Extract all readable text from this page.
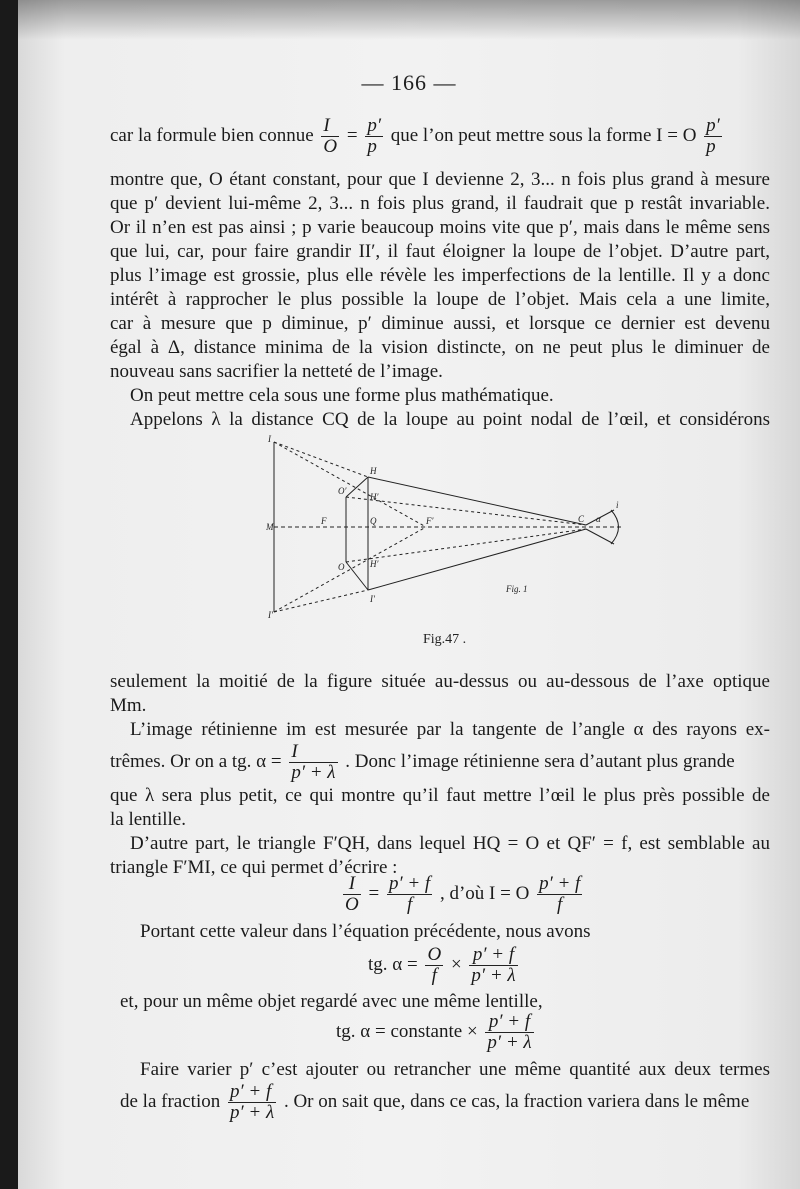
— 166 —
car la formule bien connue $\frac{I}{O} = \frac{p'}{p}$ que l’on peut mettre sous la forme I = O $\frac{p'}{p}$
montre que, O étant constant, pour que I devienne 2, 3... n fois plus grand à mesure
que p′ devient lui-même 2, 3... n fois plus grand, il faudrait que p restât invariable.
Or il n’en est pas ainsi ; p varie beaucoup moins vite que p′, mais dans le même sens
que lui, car, pour faire grandir II′, il faut éloigner la loupe de l’objet. D’autre part,
plus l’image est grossie, plus elle révèle les imperfections de la lentille. Il y a donc
intérêt à rapprocher le plus possible la loupe de l’objet. Mais cela a une limite,
car à mesure que p diminue, p′ diminue aussi, et lorsque ce dernier est devenu
égal à Δ, distance minima de la vision distincte, on ne peut plus le diminuer de
nouveau sans sacrifier la netteté de l’image.
On peut mettre cela sous une forme plus mathématique.
Appelons λ la distance CQ de la loupe au point nodal de l’œil, et considérons
I
M
F
H
Q
H′
H′
I′
F′
O′
O
I′
C α
i
Fig. 1
Fig.47 .
seulement la moitié de la figure située au-dessus ou au-dessous de l’axe optique
Mm.
L’image rétinienne im est mesurée par la tangente de l’angle α des rayons ex-
trêmes. Or on a tg. $\alpha = \frac{I}{p' + \lambda}$ . Donc l’image rétinienne sera d’autant plus grande
que λ sera plus petit, ce qui montre qu’il faut mettre l’œil le plus près possible de
la lentille.
D’autre part, le triangle F′QH, dans lequel HQ = O et QF′ = f, est semblable au
triangle F′MI, ce qui permet d’écrire :
$\frac{I}{O} = \frac{p' + f}{f}$ , d’où I = O $\frac{p' + f}{f}$
Portant cette valeur dans l’équation précédente, nous avons
tg. $\alpha = \frac{O}{f} \times \frac{p' + f}{p' + \lambda}$
et, pour un même objet regardé avec une même lentille,
tg. α = constante × $\frac{p' + f}{p' + \lambda}$
Faire varier p′ c’est ajouter ou retrancher une même quantité aux deux termes
de la fraction $\frac{p' + f}{p' + \lambda}$ . Or on sait que, dans ce cas, la fraction variera dans le même
